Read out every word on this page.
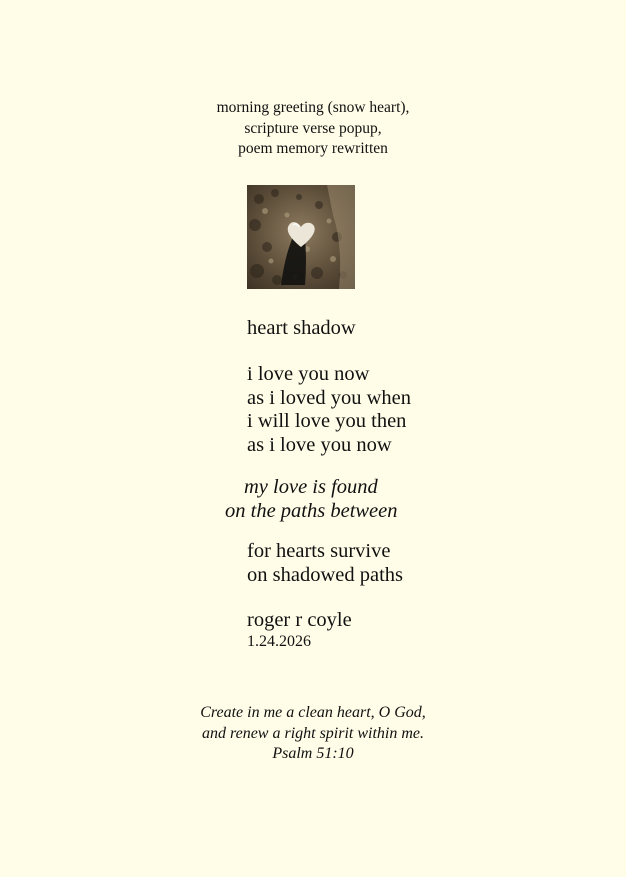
morning greeting (snow heart),
scripture verse popup,
poem memory rewritten
heart shadow
i love you now
as i loved you when
i will love you then
as i love you now
my love is found
on the paths between
for hearts survive
on shadowed paths
roger r coyle
1.24.2026
Create in me a clean heart, O God,
and renew a right spirit within me.
Psalm 51:10
